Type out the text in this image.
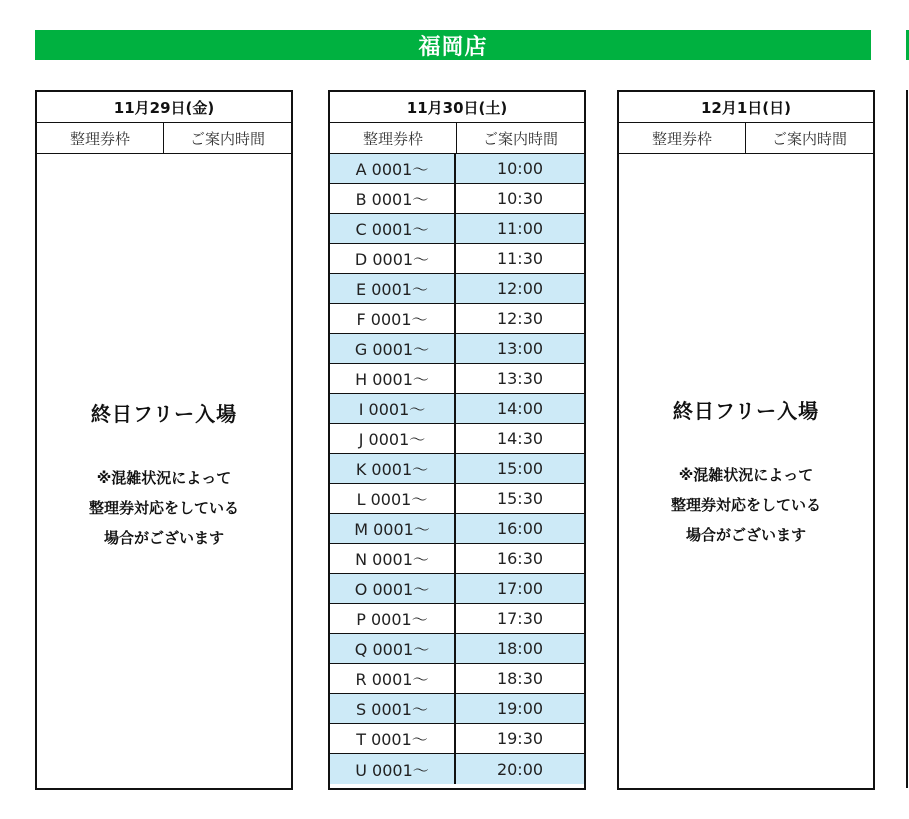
福岡店
11月29日(金)
整理券枠	ご案内時間
終日フリー入場
※混雑状況によって
整理券対応をしている
場合がございます
11月30日(土)
整理券枠	ご案内時間
A 0001～	10:00
B 0001～	10:30
C 0001～	11:00
D 0001～	11:30
E 0001～	12:00
F 0001～	12:30
G 0001～	13:00
H 0001～	13:30
I 0001～	14:00
J 0001～	14:30
K 0001～	15:00
L 0001～	15:30
M 0001～	16:00
N 0001～	16:30
O 0001～	17:00
P 0001～	17:30
Q 0001～	18:00
R 0001～	18:30
S 0001～	19:00
T 0001～	19:30
U 0001～	20:00
12月1日(日)
整理券枠	ご案内時間
終日フリー入場
※混雑状況によって
整理券対応をしている
場合がございます
